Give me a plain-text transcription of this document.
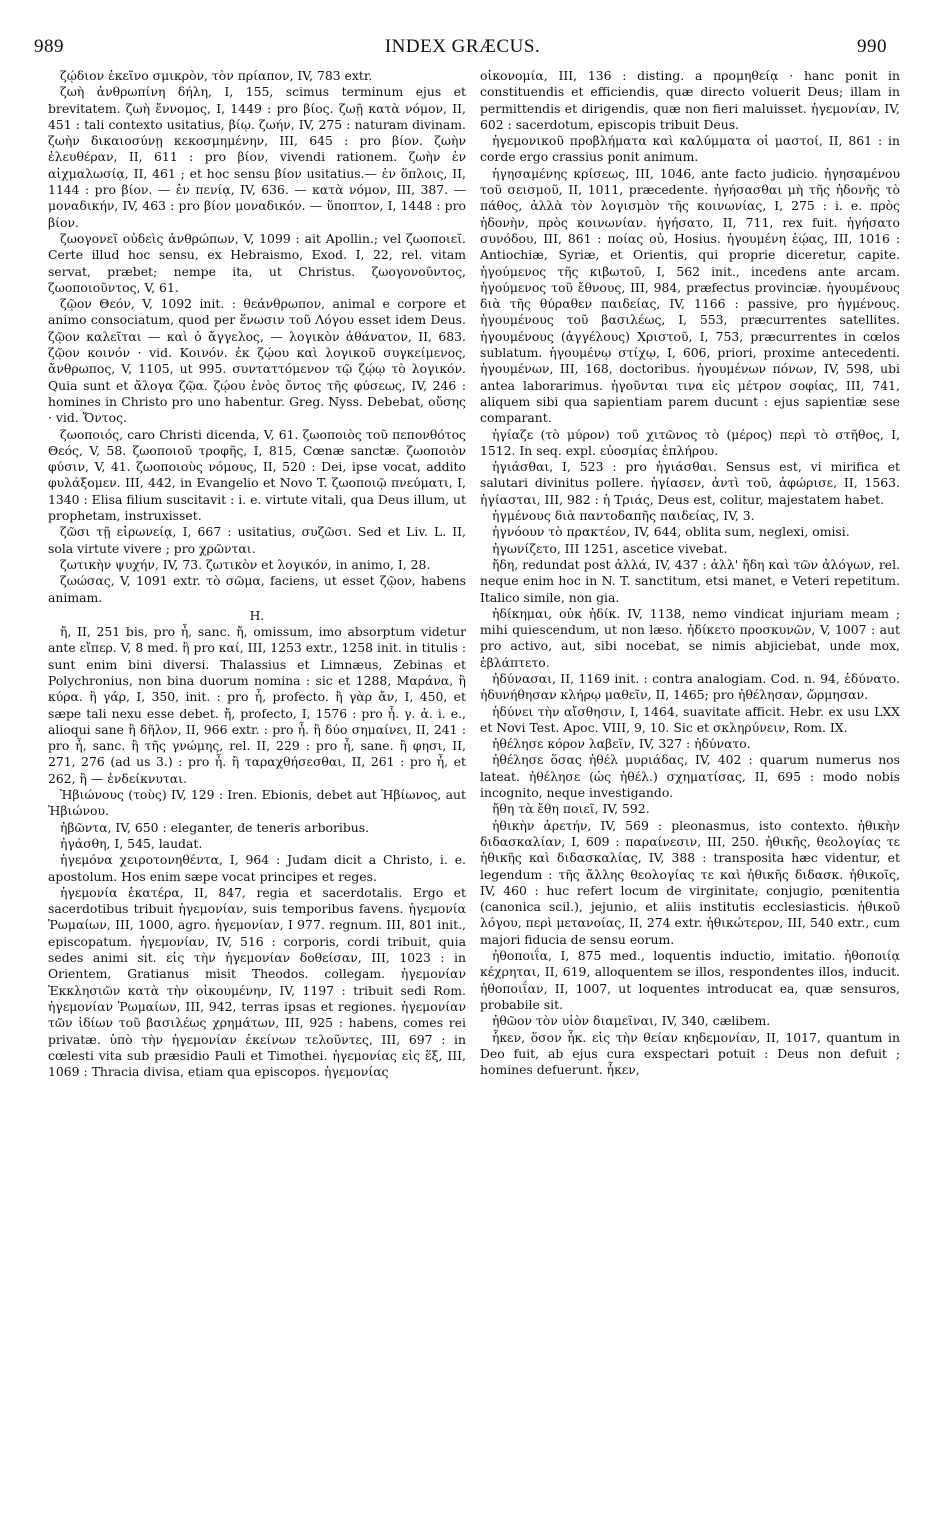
989	INDEX GRÆCUS.	990

ζῴδιον ἐκεῖνο σμικρὸν, τὸν πρίαπον, IV, 783 extr.

ζωὴ ἀνθρωπίνη δήλη, I, 155, scimus terminum ejus et brevitatem. ζωὴ ἔννομος, I, 1449 : pro βίος. ζωῇ κατὰ νόμον, II, 451 : tali contexto usitatius, βίῳ. ζωήν, IV, 275 : naturam divinam. ζωὴν δικαιοσύνῃ κεκοσμημένην, III, 645 : pro βίον. ζωὴν ἐλευθέραν, II, 611 : pro βίον, vivendi rationem. ζωὴν ἐν αἰχμαλωσίᾳ, II, 461 ; et hoc sensu βίον usitatius.— ἐν ὅπλοις, II, 1144 : pro βίον. — ἐν πενίᾳ, IV, 636. — κατὰ νόμον, III, 387. — μοναδικήν, IV, 463 : pro βίον μοναδικόν. — ὕποπτον, I, 1448 : pro βίον.

ζωογονεῖ οὐδεὶς ἀνθρώπων, V, 1099 : ait Apollin.; vel ζωοποιεῖ. Certe illud hoc sensu, ex Hebraismo, Exod. I, 22, rel. vitam servat, præbet; nempe ita, ut Christus. ζωογονοῦντος, ζωοποιοῦντος, V, 61.

ζῷον Θεόν, V, 1092 init. : θεάνθρωπον, animal e corpore et animo consociatum, quod per ἕνωσιν τοῦ Λόγου esset idem Deus. ζῷον καλεῖται — καὶ ὁ ἄγγελος, — λογικὸν ἀθάνατον, II, 683. ζῷον κοινόν · vid. Κοινόν. ἐκ ζῴου καὶ λογικοῦ συγκείμενος, ἄνθρωπος, V, 1105, ut 995. συνταττόμενον τῷ ζῴῳ τὸ λογικόν. Quia sunt et ἄλογα ζῷα. ζῴου ἑνὸς ὄντος τῆς φύσεως, IV, 246 : homines in Christo pro uno habentur. Greg. Nyss. Debebat, οὔσης · vid. Ὄντος.

ζωοποιός, caro Christi dicenda, V, 61. ζωοποιὸς τοῦ πεπονθότος Θεός, V, 58. ζωοποιοῦ τροφῆς, I, 815, Cœnæ sanctæ. ζωοποιὸν φύσιν, V, 41. ζωοποιοὺς νόμους, II, 520 : Dei, ipse vocat, addito φυλάξομεν. III, 442, in Evangelio et Novo T. ζωοποιῷ πνεύματι, I, 1340 : Elisa filium suscitavit : i. e. virtute vitali, qua Deus illum, ut prophetam, instruxisset.

ζῶσι τῇ εἰρωνείᾳ, I, 667 : usitatius, συζῶσι. Sed et Liv. L. II, sola virtute vivere ; pro χρῶνται.

ζωτικὴν ψυχήν, IV, 73. ζωτικὸν et λογικόν, in animo, I, 28.

ζωώσας, V, 1091 extr. τὸ σῶμα, faciens, ut esset ζῷον, habens animam.

H.

ἤ, II, 251 bis, pro ἦ, sanc. ἤ, omissum, imo absorptum videtur ante εἴπερ. V, 8 med. ἢ pro καί, III, 1253 extr., 1258 init. in titulis : sunt enim bini diversi. Thalassius et Limnæus, Zebinas et Polychronius, non bina duorum nomina : sic et 1288, Μαράνα, ἢ κύρα. ἢ γάρ, I, 350, init. : pro ἦ, profecto. ἢ γὰρ ἄν, I, 450, et sæpe tali nexu esse debet. ἤ, profecto, I, 1576 : pro ἦ. γ. ἀ. i. e., alioqui sane ἢ δῆλον, II, 966 extr. : pro ἦ. ἢ δύο σημαίνει, II, 241 : pro ἦ, sanc. ἢ τῆς γνώμης, rel. II, 229 : pro ἦ, sane. ἢ φησι, II, 271, 276 (ad us 3.) : pro ἦ. ἢ ταραχθήσεσθαι, II, 261 : pro ἦ, et 262, ἢ — ἐνδείκνυται.

Ἠβιώνους (τοὺς) IV, 129 : Iren. Ebionis, debet aut Ἠβίωνος, aut Ἠβιώνου.

ἠβῶντα, IV, 650 : eleganter, de teneris arboribus.

ἠγάσθη, I, 545, laudat.

ἡγεμόνα χειροτονηθέντα, I, 964 : Judam dicit a Christo, i. e. apostolum. Hos enim sæpe vocat principes et reges.

ἡγεμονία ἑκατέρα, II, 847, regia et sacerdotalis. Ergo et sacerdotibus tribuit ἡγεμονίαν, suis temporibus favens. ἡγεμονία Ῥωμαίων, III, 1000, agro. ἡγεμονίαν, I 977. regnum. III, 801 init., episcopatum. ἡγεμονίαν, IV, 516 : corporis, cordi tribuit, quia sedes animi sit. εἰς τὴν ἡγεμονίαν δοθείσαν, III, 1023 : in Orientem, Gratianus misit Theodos. collegam. ἡγεμονίαν Ἐκκλησιῶν κατὰ τὴν οἰκουμένην, IV, 1197 : tribuit sedi Rom. ἡγεμονίαν Ῥωμαίων, III, 942, terras ipsas et regiones. ἡγεμονίαν τῶν ἰδίων τοῦ βασιλέως χρημάτων, III, 925 : habens, comes rei privatæ. ὑπὸ τὴν ἡγεμονίαν ἐκείνων τελοῦντες, III, 697 : in cœlesti vita sub præsidio Pauli et Timothei. ἡγεμονίας εἰς ἕξ, III, 1069 : Thracia divisa, etiam qua episcopos. ἡγεμονίας

οἰκονομία, III, 136 : disting. a προμηθείᾳ · hanc ponit in constituendis et efficiendis, quæ directo voluerit Deus; illam in permittendis et dirigendis, quæ non fieri maluisset. ἡγεμονίαν, IV, 602 : sacerdotum, episcopis tribuit Deus.

ἡγεμονικοῦ προβλήματα καὶ καλύμματα οἱ μαστοί, II, 861 : in corde ergo crassius ponit animum.

ἡγησαμένης κρίσεως, III, 1046, ante facto judicio. ἡγησαμένου τοῦ σεισμοῦ, II, 1011, præcedente. ἡγήσασθαι μὴ τῆς ἡδονῆς τὸ πάθος, ἀλλὰ τὸν λογισμὸν τῆς κοινωνίας, I, 275 : i. e. πρὸς ἡδονὴν, πρὸς κοινωνίαν. ἡγήσατο, II, 711, rex fuit. ἡγήσατο συνόδου, III, 861 : ποίας οὐ, Hosius. ἡγουμένη ἑῴας, III, 1016 : Antiochiæ, Syriæ, et Orientis, qui proprie diceretur, capite. ἡγούμενος τῆς κιβωτοῦ, I, 562 init., incedens ante arcam. ἡγούμενος τοῦ ἔθνους, III, 984, præfectus provinciæ. ἡγουμένους διὰ τῆς θύραθεν παιδείας, IV, 1166 : passive, pro ἡγμένους. ἡγουμένους τοῦ βασιλέως, I, 553, præcurrentes satellites. ἡγουμένους (ἀγγέλους) Χριστοῦ, I, 753, præcurrentes in cœlos sublatum. ἡγουμένῳ στίχῳ, I, 606, priori, proxime antecedenti. ἡγουμένων, III, 168, doctoribus. ἡγουμένων πόνων, IV, 598, ubi antea laborarimus. ἡγοῦνται τινα εἰς μέτρον σοφίας, III, 741, aliquem sibi qua sapientiam parem ducunt : ejus sapientiæ sese comparant.

ἡγίαζε (τὸ μύρον) τοῦ χιτῶνος τὸ (μέρος) περὶ τὸ στῆθος, I, 1512. In seq. expl. εὐοσμίας ἐπλήρου.

ἡγιάσθαι, I, 523 : pro ἡγιάσθαι. Sensus est, vi mirifica et salutari divinitus pollere. ἡγίασεν, ἀντὶ τοῦ, ἀφώρισε, II, 1563. ἡγίασται, III, 982 : ἡ Τριάς, Deus est, colitur, majestatem habet.

ἡγμένους διὰ παντοδαπῆς παιδείας, IV, 3.

ἠγνόουν τὸ πρακτέον, IV, 644, oblita sum, neglexi, omisi.

ἠγωνίζετο, III 1251, ascetice vivebat.

ἤδη, redundat post ἀλλά, IV, 437 : ἀλλ' ἤδη καὶ τῶν ἀλόγων, rel. neque enim hoc in N. T. sanctitum, etsi manet, e Veteri repetitum. Italico simile, non gia.

ἠδίκημαι, οὐκ ἠδίκ. IV, 1138, nemo vindicat injuriam meam ; mihi quiescendum, ut non læso. ἠδίκετο προσκυνῶν, V, 1007 : aut pro activo, aut, sibi nocebat, se nimis abjiciebat, unde mox, ἐβλάπτετο.

ἠδύνασαι, II, 1169 init. : contra analogiam. Cod. n. 94, ἐδύνατο. ἠδυνήθησαν κλήρῳ μαθεῖν, II, 1465; pro ἠθέλησαν, ὤρμησαν.

ἡδύνει τὴν αἴσθησιν, I, 1464, suavitate afficit. Hebr. ex usu LXX et Novi Test. Apoc. VIII, 9, 10. Sic et σκληρύνειν, Rom. IX.

ἠθέλησε κόρον λαβεῖν, IV, 327 : ἠδύνατο.

ἠθέλησε ὅσας ἠθέλ μυριάδας, IV, 402 : quarum numerus nos lateat. ἠθέλησε (ὡς ἠθέλ.) σχηματίσας, II, 695 : modo nobis incognito, neque investigando.

ἤθη τὰ ἔθη ποιεῖ, IV, 592.

ἠθικὴν ἀρετήν, IV, 569 : pleonasmus, isto contexto. ἠθικὴν διδασκαλίαν, I, 609 : παραίνεσιν, III, 250. ἠθικῆς, θεολογίας τε ἠθικῆς καὶ διδασκαλίας, IV, 388 : transposita hæc videntur, et legendum : τῆς ἄλλης θεολογίας τε καὶ ἠθικῆς διδασκ. ἠθικοῖς, IV, 460 : huc refert locum de virginitate, conjugio, pœnitentia (canonica scil.), jejunio, et aliis institutis ecclesiasticis. ἠθικοῦ λόγου, περὶ μετανοίας, II, 274 extr. ἠθικώτερον, III, 540 extr., cum majori fiducia de sensu eorum.

ἠθοποιΐα, I, 875 med., loquentis inductio, imitatio. ἠθοποιίᾳ κέχρηται, II, 619, alloquentem se illos, respondentes illos, inducit. ἠθοποιΐαν, II, 1007, ut loquentes introducat ea, quæ sensuros, probabile sit.

ἠθῶον τὸν υἱὸν διαμεῖναι, IV, 340, cælibem.

ἧκεν, ὅσον ἧκ. εἰς τὴν θείαν κηδεμονίαν, II, 1017, quantum in Deo fuit, ab ejus cura exspectari potuit : Deus non defuit ; homines defuerunt. ἧκεν,
